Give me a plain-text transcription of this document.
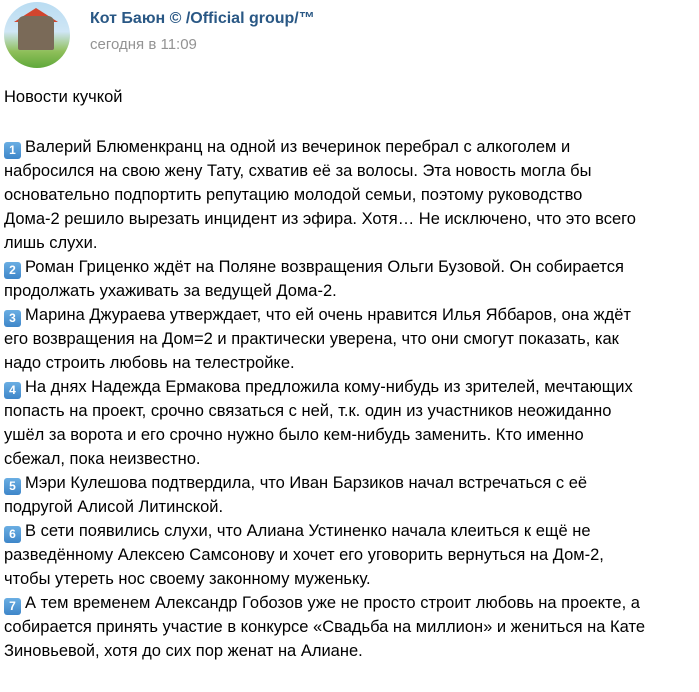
Кот Баюн © /Official group/™
сегодня в 11:09
Новости кучкой
1 Валерий Блюменкранц на одной из вечеринок перебрал с алкоголем и
набросился на свою жену Тату, схватив её за волосы. Эта новость могла бы
основательно подпортить репутацию молодой семьи, поэтому руководство
Дома-2 решило вырезать инцидент из эфира. Хотя… Не исключено, что это всего
лишь слухи.
2 Роман Гриценко ждёт на Поляне возвращения Ольги Бузовой. Он собирается
продолжать ухаживать за ведущей Дома-2.
3 Марина Джураева утверждает, что ей очень нравится Илья Яббаров, она ждёт
его возвращения на Дом=2 и практически уверена, что они смогут показать, как
надо строить любовь на телестройке.
4 На днях Надежда Ермакова предложила кому-нибудь из зрителей, мечтающих
попасть на проект, срочно связаться с ней, т.к. один из участников неожиданно
ушёл за ворота и его срочно нужно было кем-нибудь заменить. Кто именно
сбежал, пока неизвестно.
5 Мэри Кулешова подтвердила, что Иван Барзиков начал встречаться с её
подругой Алисой Литинской.
6 В сети появились слухи, что Алиана Устиненко начала клеиться к ещё не
разведённому Алексею Самсонову и хочет его уговорить вернуться на Дом-2,
чтобы утереть нос своему законному муженьку.
7 А тем временем Александр Гобозов уже не просто строит любовь на проекте, а
собирается принять участие в конкурсе «Свадьба на миллион» и жениться на Кате
Зиновьевой, хотя до сих пор женат на Алиане.
